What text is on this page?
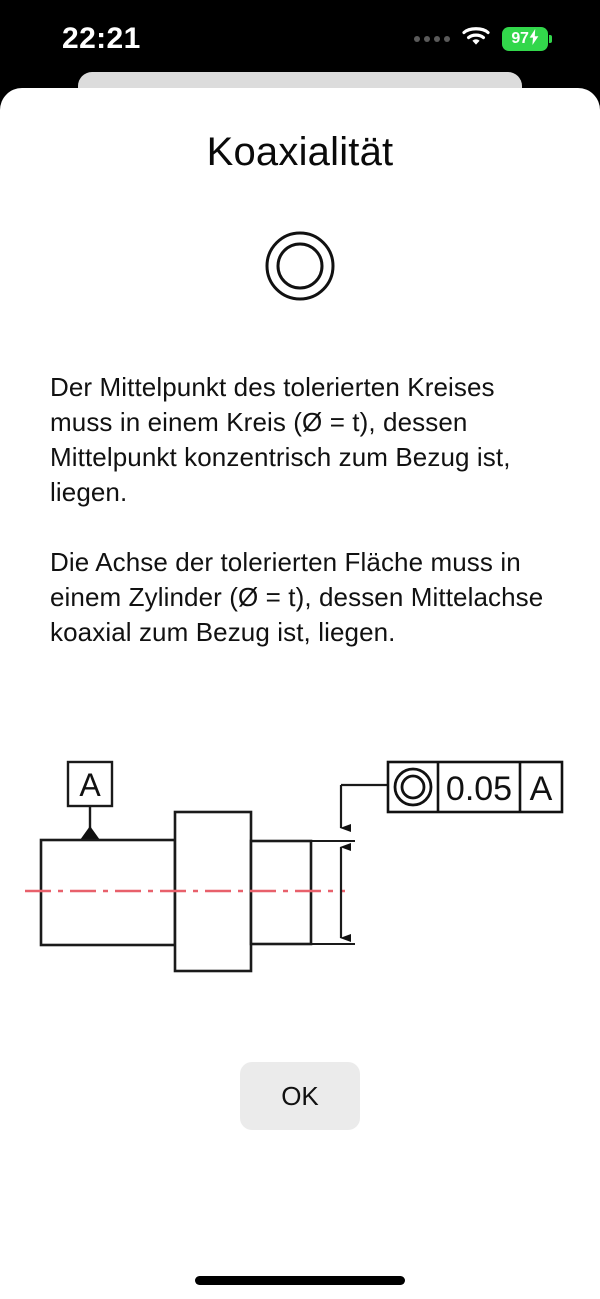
22:21	97
Koaxialität

Der Mittelpunkt des tolerierten Kreises muss in einem Kreis (Ø = t), dessen Mittelpunkt konzentrisch zum Bezug ist, liegen.

Die Achse der tolerierten Fläche muss in einem Zylinder (Ø = t), dessen Mittelachse koaxial zum Bezug ist, liegen.

A	0.05 A
OK
